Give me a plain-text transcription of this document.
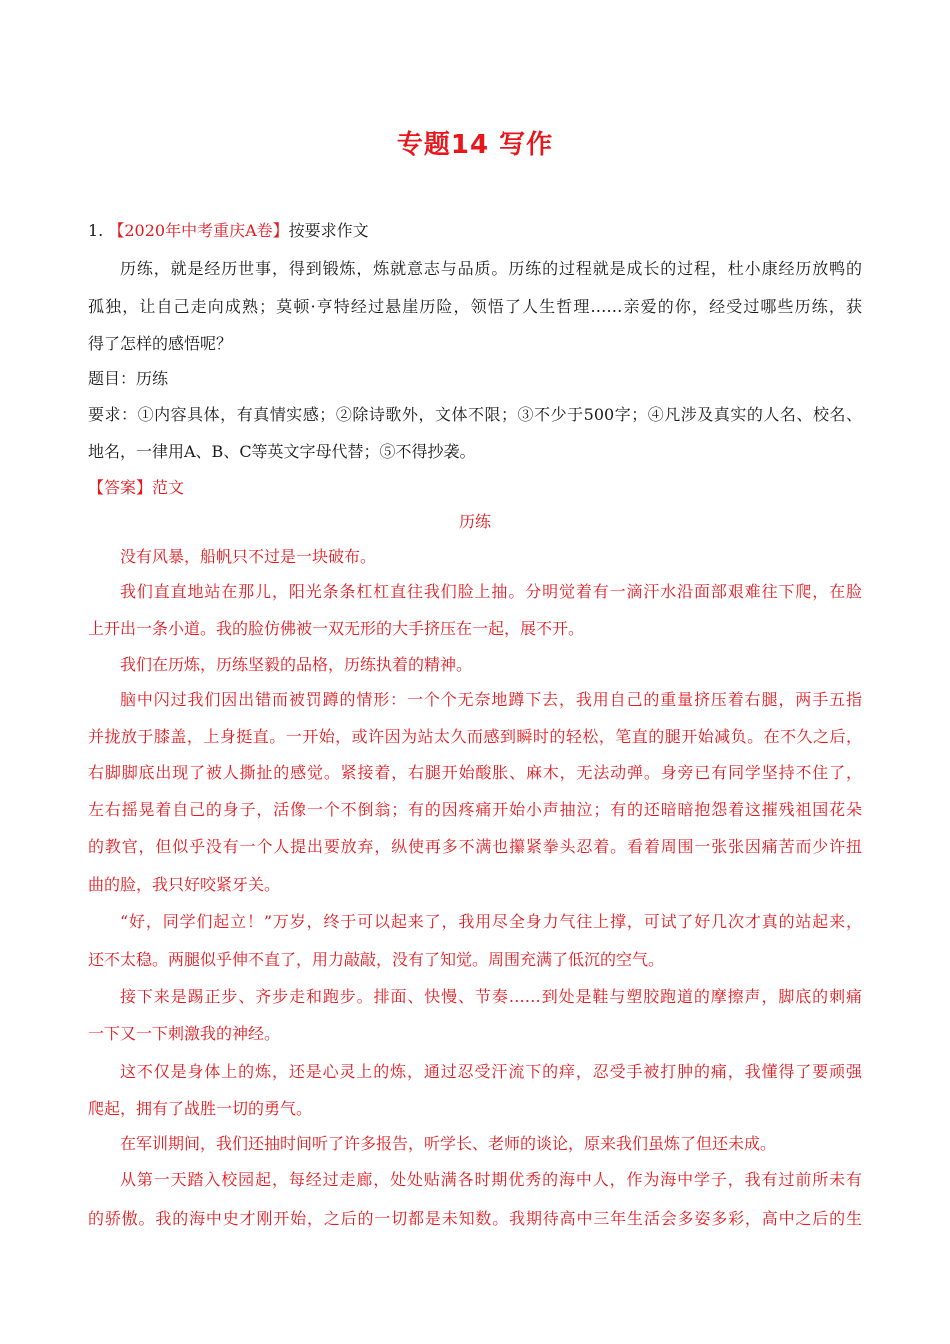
专题14 写作
1. 【2020年中考重庆A卷】按要求作文
历练，就是经历世事，得到锻炼，炼就意志与品质。历练的过程就是成长的过程，杜小康经历放鸭的
孤独，让自己走向成熟；莫顿·亨特经过悬崖历险，领悟了人生哲理……亲爱的你，经受过哪些历练，获
得了怎样的感悟呢？
题目：历练
要求：①内容具体，有真情实感；②除诗歌外，文体不限；③不少于500字；④凡涉及真实的人名、校名、
地名，一律用A、B、C等英文字母代替；⑤不得抄袭。
【答案】范文
历练
没有风暴，船帆只不过是一块破布。
我们直直地站在那儿，阳光条条杠杠直往我们脸上抽。分明觉着有一滴汗水沿面部艰难往下爬，在脸
上开出一条小道。我的脸仿佛被一双无形的大手挤压在一起，展不开。
我们在历炼，历练坚毅的品格，历练执着的精神。
脑中闪过我们因出错而被罚蹲的情形：一个个无奈地蹲下去，我用自己的重量挤压着右腿，两手五指
并拢放于膝盖，上身挺直。一开始，或许因为站太久而感到瞬时的轻松，笔直的腿开始减负。在不久之后，
右脚脚底出现了被人撕扯的感觉。紧接着，右腿开始酸胀、麻木，无法动弹。身旁已有同学坚持不住了，
左右摇晃着自己的身子，活像一个不倒翁；有的因疼痛开始小声抽泣；有的还暗暗抱怨着这摧残祖国花朵
的教官，但似乎没有一个人提出要放弃，纵使再多不满也攥紧拳头忍着。看着周围一张张因痛苦而少许扭
曲的脸，我只好咬紧牙关。
“好，同学们起立！”万岁，终于可以起来了，我用尽全身力气往上撑，可试了好几次才真的站起来，
还不太稳。两腿似乎伸不直了，用力敲敲，没有了知觉。周围充满了低沉的空气。
接下来是踢正步、齐步走和跑步。排面、快慢、节奏……到处是鞋与塑胶跑道的摩擦声，脚底的刺痛
一下又一下刺激我的神经。
这不仅是身体上的炼，还是心灵上的炼，通过忍受汗流下的痒，忍受手被打肿的痛，我懂得了要顽强
爬起，拥有了战胜一切的勇气。
在军训期间，我们还抽时间听了许多报告，听学长、老师的谈论，原来我们虽炼了但还未成。
从第一天踏入校园起，每经过走廊，处处贴满各时期优秀的海中人，作为海中学子，我有过前所未有
的骄傲。我的海中史才刚开始，之后的一切都是未知数。我期待高中三年生活会多姿多彩，高中之后的生
